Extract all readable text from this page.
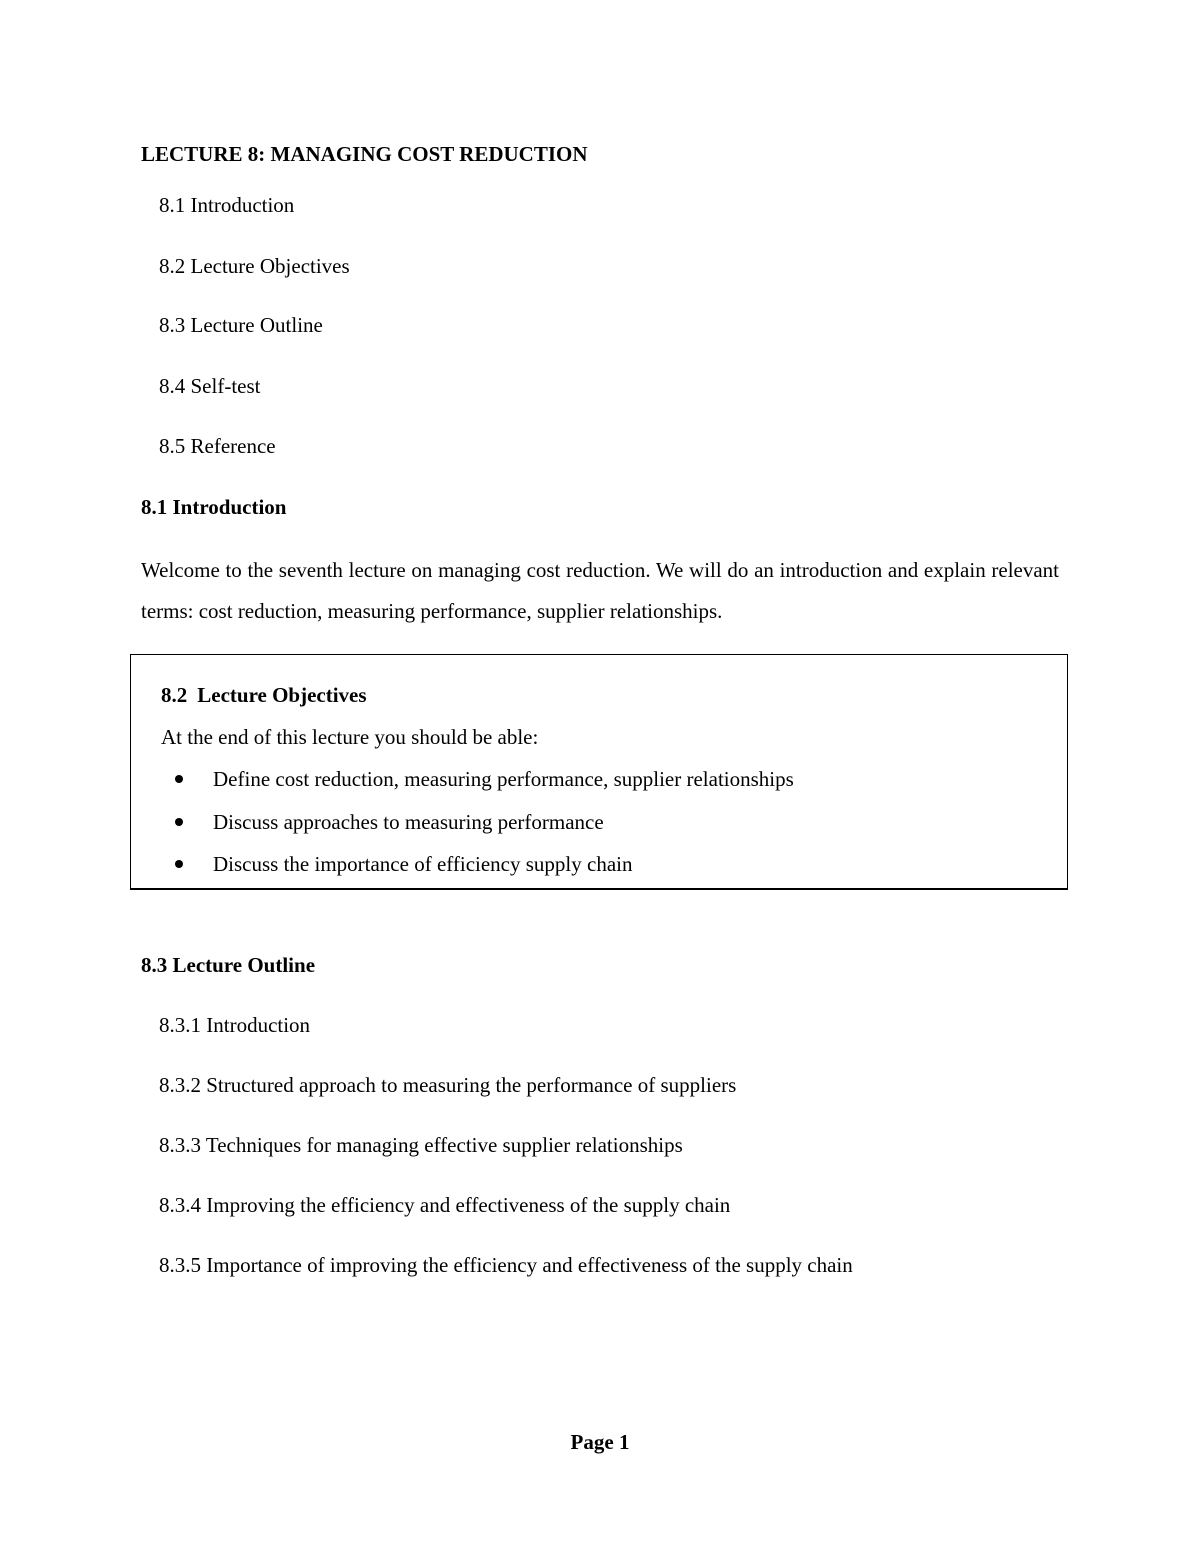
LECTURE 8: MANAGING COST REDUCTION
8.1 Introduction
8.2 Lecture Objectives
8.3 Lecture Outline
8.4 Self-test
8.5 Reference
8.1 Introduction
Welcome to the seventh lecture on managing cost reduction. We will do an introduction and explain relevant terms: cost reduction, measuring performance, supplier relationships.
8.2 Lecture Objectives
At the end of this lecture you should be able:
Define cost reduction, measuring performance, supplier relationships
Discuss approaches to measuring performance
Discuss the importance of efficiency supply chain
8.3 Lecture Outline
8.3.1 Introduction
8.3.2 Structured approach to measuring the performance of suppliers
8.3.3 Techniques for managing effective supplier relationships
8.3.4 Improving the efficiency and effectiveness of the supply chain
8.3.5 Importance of improving the efficiency and effectiveness of the supply chain
Page 1
